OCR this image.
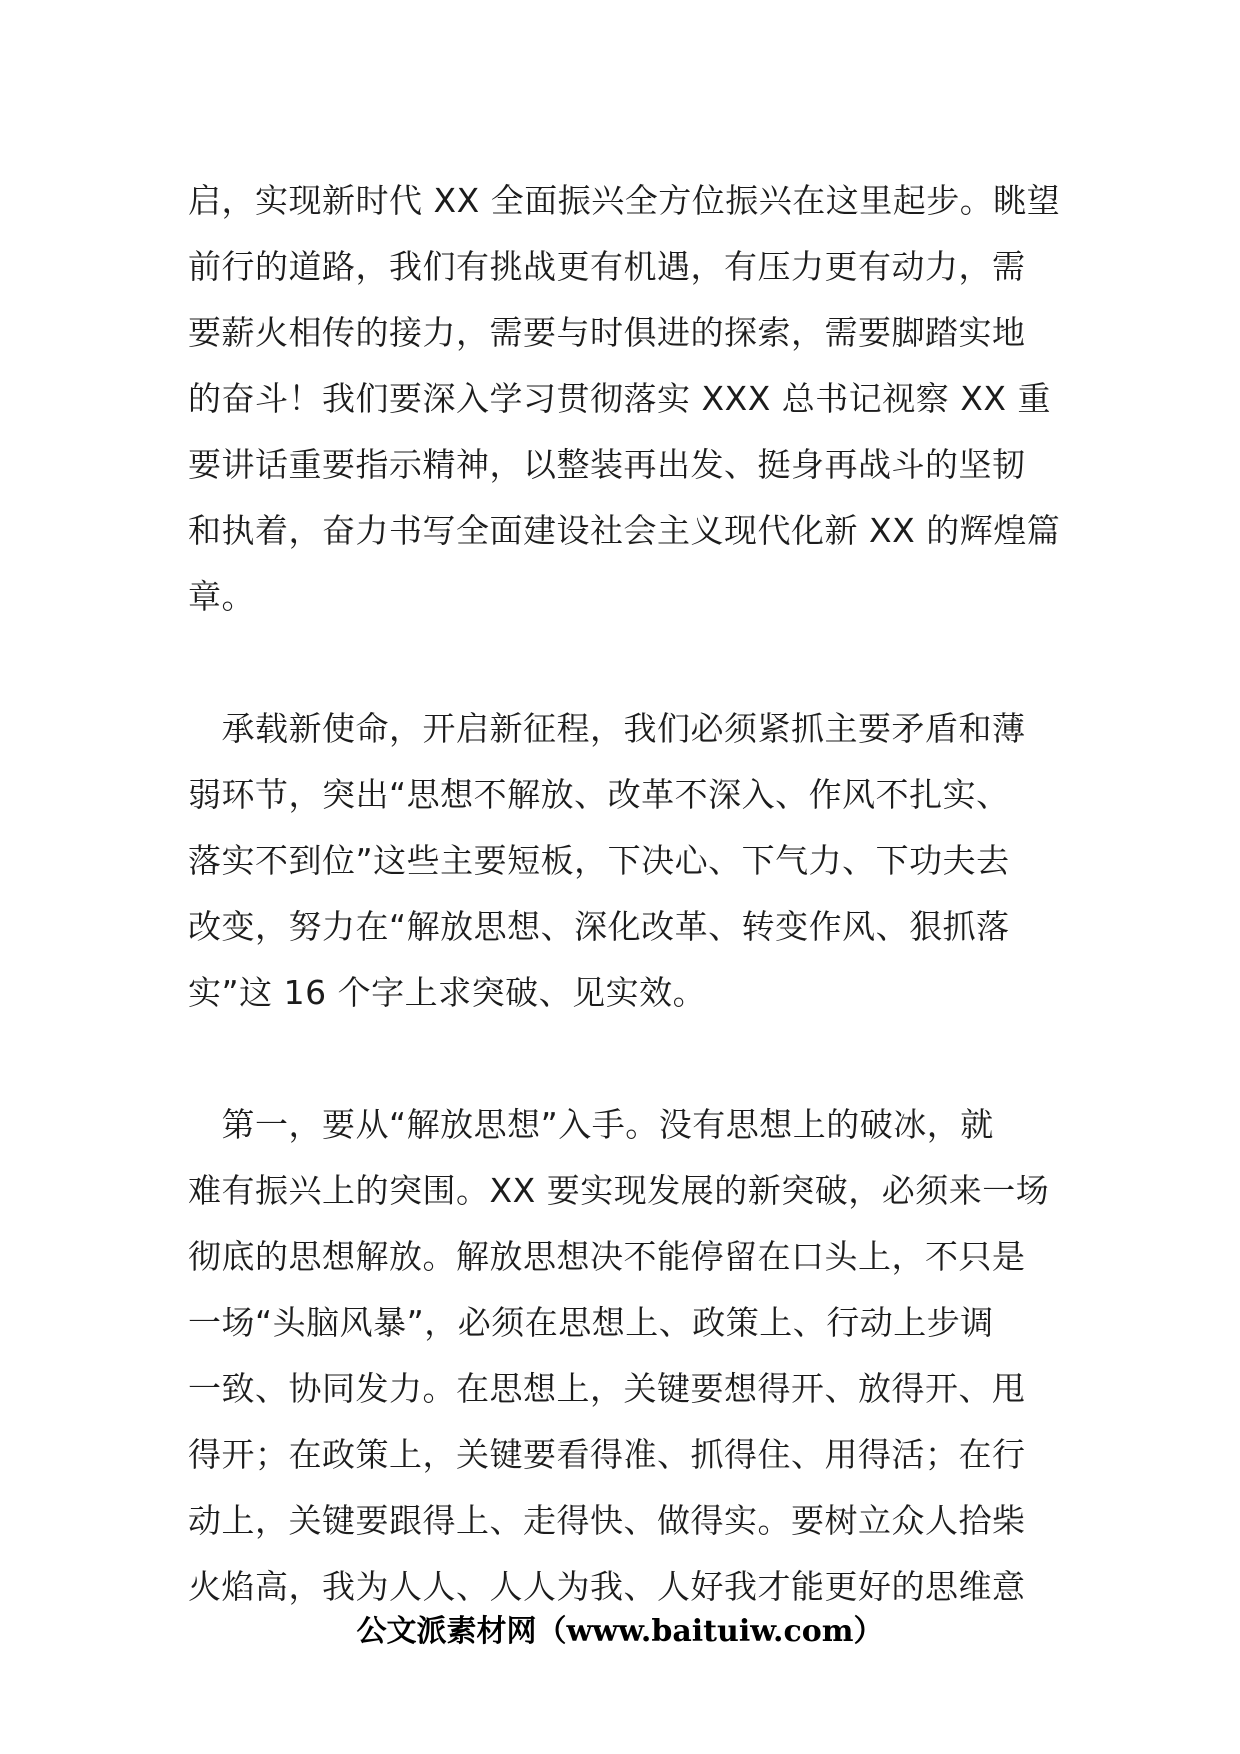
启，实现新时代 XX 全面振兴全方位振兴在这里起步。眺望
前行的道路，我们有挑战更有机遇，有压力更有动力，需
要薪火相传的接力，需要与时俱进的探索，需要脚踏实地
的奋斗！我们要深入学习贯彻落实 XXX 总书记视察 XX 重
要讲话重要指示精神，以整装再出发、挺身再战斗的坚韧
和执着，奋力书写全面建设社会主义现代化新 XX 的辉煌篇
章。
　承载新使命，开启新征程，我们必须紧抓主要矛盾和薄
弱环节，突出“思想不解放、改革不深入、作风不扎实、
落实不到位”这些主要短板，下决心、下气力、下功夫去
改变，努力在“解放思想、深化改革、转变作风、狠抓落
实”这 16 个字上求突破、见实效。
　第一，要从“解放思想”入手。没有思想上的破冰，就
难有振兴上的突围。XX 要实现发展的新突破，必须来一场
彻底的思想解放。解放思想决不能停留在口头上，不只是
一场“头脑风暴”，必须在思想上、政策上、行动上步调
一致、协同发力。在思想上，关键要想得开、放得开、甩
得开；在政策上，关键要看得准、抓得住、用得活；在行
动上，关键要跟得上、走得快、做得实。要树立众人拾柴
火焰高，我为人人、人人为我、人好我才能更好的思维意
公文派素材网（www.baituiw.com）
